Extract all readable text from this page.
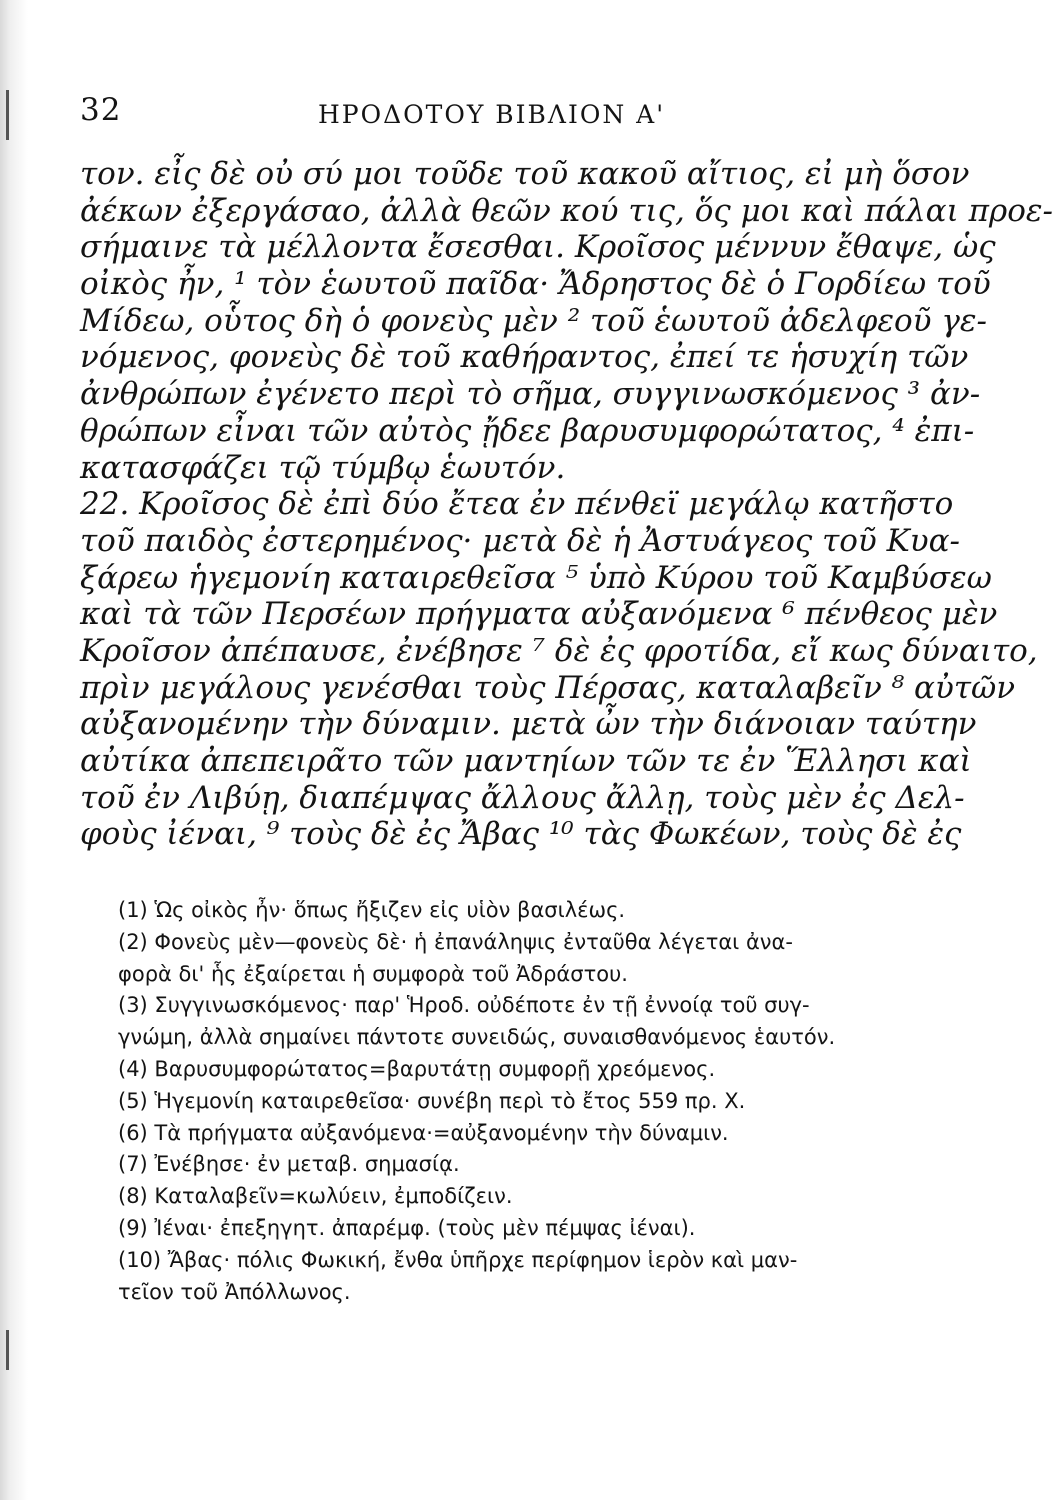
32	ΗΡΟΔΟΤΟΥ ΒΙΒΛΙΟΝ Α'
τον. εἶς δὲ οὐ σύ μοι τοῦδε τοῦ κακοῦ αἴτιος, εἰ μὴ ὅσον
ἀέκων ἐξεργάσαο, ἀλλὰ θεῶν κού τις, ὅς μοι καὶ πάλαι προε-
σήμαινε τὰ μέλλοντα ἔσεσθαι. Κροῖσος μέννυν ἔθαψε, ὡς
οἰκὸς ἦν, ¹ τὸν ἑωυτοῦ παῖδα· Ἄδρηστος δὲ ὁ Γορδίεω τοῦ
Μίδεω, οὗτος δὴ ὁ φονεὺς μὲν ² τοῦ ἑωυτοῦ ἀδελφεοῦ γε-
νόμενος, φονεὺς δὲ τοῦ καθήραντος, ἐπεί τε ἡσυχίη τῶν
ἀνθρώπων ἐγένετο περὶ τὸ σῆμα, συγγινωσκόμενος ³ ἀν-
θρώπων εἶναι τῶν αὐτὸς ᾔδεε βαρυσυμφορώτατος, ⁴ ἐπι-
κατασφάζει τῷ τύμβῳ ἑωυτόν.
22. Κροῖσος δὲ ἐπὶ δύο ἔτεα ἐν πένθεϊ μεγάλῳ κατῆστο
τοῦ παιδὸς ἐστερημένος· μετὰ δὲ ἡ Ἀστυάγεος τοῦ Κυα-
ξάρεω ἡγεμονίη καταιρεθεῖσα ⁵ ὑπὸ Κύρου τοῦ Καμβύσεω
καὶ τὰ τῶν Περσέων πρήγματα αὐξανόμενα ⁶ πένθεος μὲν
Κροῖσον ἀπέπαυσε, ἐνέβησε ⁷ δὲ ἐς φροτίδα, εἴ κως δύναιτο,
πρὶν μεγάλους γενέσθαι τοὺς Πέρσας, καταλαβεῖν ⁸ αὐτῶν
αὐξανομένην τὴν δύναμιν. μετὰ ὦν τὴν διάνοιαν ταύτην
αὐτίκα ἀπεπειρᾶτο τῶν μαντηίων τῶν τε ἐν Ἕλλησι καὶ
τοῦ ἐν Λιβύῃ, διαπέμψας ἄλλους ἄλλῃ, τοὺς μὲν ἐς Δελ-
φοὺς ἰέναι, ⁹ τοὺς δὲ ἐς Ἄβας ¹⁰ τὰς Φωκέων, τοὺς δὲ ἐς
(1) Ὡς οἰκὸς ἦν· ὅπως ἤξιζεν εἰς υἱὸν βασιλέως.
(2) Φονεὺς μὲν—φονεὺς δὲ· ἡ ἐπανάληψις ἐνταῦθα λέγεται ἀνα-
φορὰ δι' ἧς ἐξαίρεται ἡ συμφορὰ τοῦ Ἀδράστου.
(3) Συγγινωσκόμενος· παρ' Ἡροδ. οὐδέποτε ἐν τῇ ἐννοίᾳ τοῦ συγ-
γνώμη, ἀλλὰ σημαίνει πάντοτε συνειδώς, συναισθανόμενος ἑαυτόν.
(4) Βαρυσυμφορώτατος=βαρυτάτῃ συμφορῇ χρεόμενος.
(5) Ἡγεμονίη καταιρεθεῖσα· συνέβη περὶ τὸ ἔτος 559 πρ. Χ.
(6) Τὰ πρήγματα αὐξανόμενα·=αὐξανομένην τὴν δύναμιν.
(7) Ἐνέβησε· ἐν μεταβ. σημασίᾳ.
(8) Καταλαβεῖν=κωλύειν, ἐμποδίζειν.
(9) Ἰέναι· ἐπεξηγητ. ἀπαρέμφ. (τοὺς μὲν πέμψας ἰέναι).
(10) Ἄβας· πόλις Φωκική, ἔνθα ὑπῆρχε περίφημον ἱερὸν καὶ μαν-
τεῖον τοῦ Ἀπόλλωνος.
